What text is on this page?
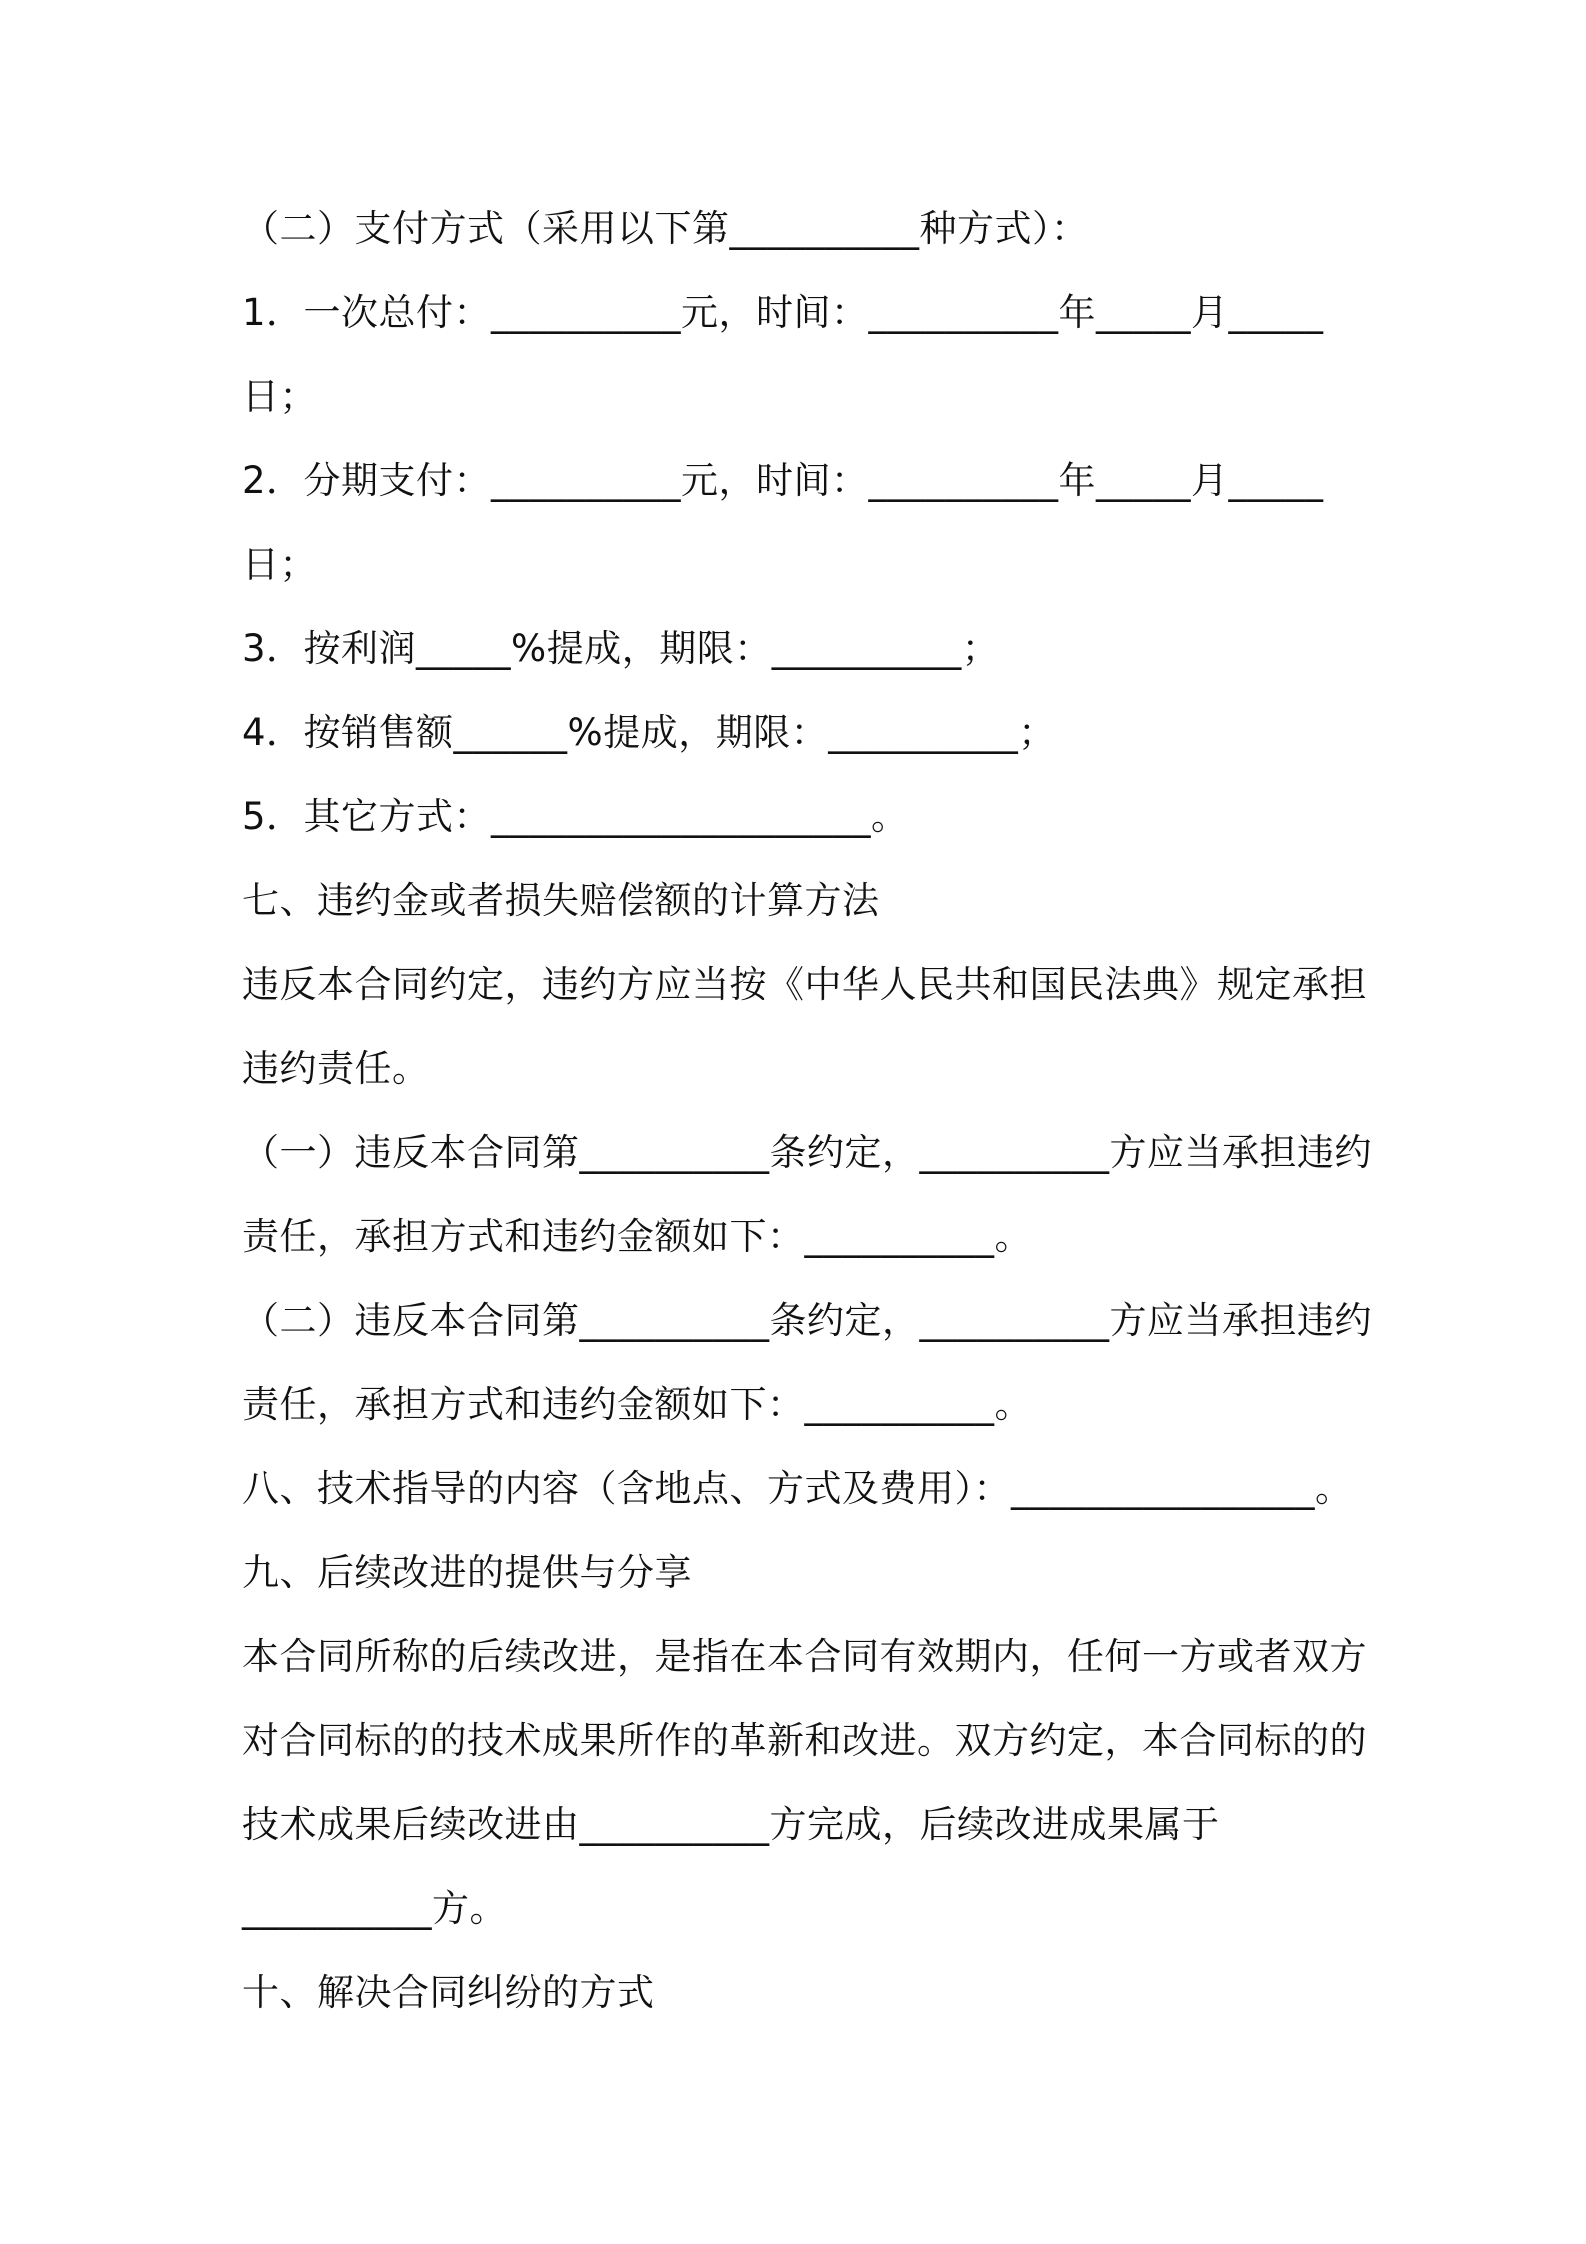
（二）支付方式（采用以下第__________种方式）：
1．一次总付：__________元，时间：__________年_____月_____
日；
2．分期支付：__________元，时间：__________年_____月_____
日；
3．按利润_____%提成，期限：__________；
4．按销售额______%提成，期限：__________；
5．其它方式：____________________。
七、违约金或者损失赔偿额的计算方法
违反本合同约定，违约方应当按《中华人民共和国民法典》规定承担
违约责任。
（一）违反本合同第__________条约定，__________方应当承担违约
责任，承担方式和违约金额如下：__________。
（二）违反本合同第__________条约定，__________方应当承担违约
责任，承担方式和违约金额如下：__________。
八、技术指导的内容（含地点、方式及费用）：________________。
九、后续改进的提供与分享
本合同所称的后续改进，是指在本合同有效期内，任何一方或者双方
对合同标的的技术成果所作的革新和改进。双方约定，本合同标的的
技术成果后续改进由__________方完成，后续改进成果属于
__________方。
十、解决合同纠纷的方式
